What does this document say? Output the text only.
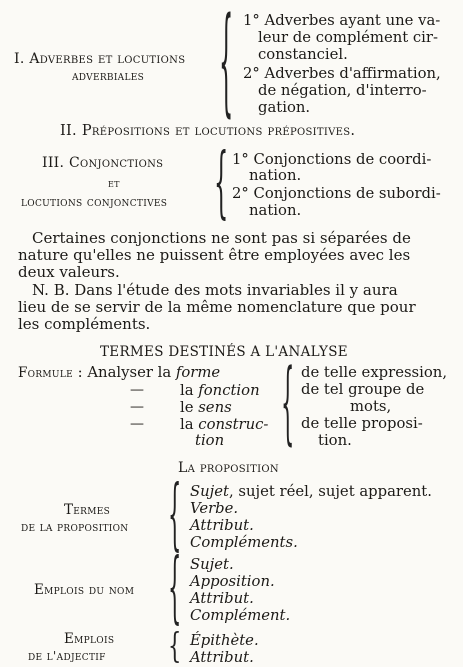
I. Adverbes et locutions
adverbiales { 1° Adverbes ayant une va-
leur de complément cir-
constanciel.
2° Adverbes d'affirmation,
de négation, d'interro-
gation.
II. Prépositions et locutions prépositives.
III. Conjonctions
et
locutions conjonctives { 1° Conjonctions de coordi-
nation.
2° Conjonctions de subordi-
nation.
Certaines conjonctions ne sont pas si séparées de
nature qu'elles ne puissent être employées avec les
deux valeurs.
N. B. Dans l'étude des mots invariables il y aura
lieu de se servir de la même nomenclature que pour
les compléments.
TERMES DESTINÉS A L'ANALYSE
Formule : Analyser la forme
— la fonction
— le sens
— la construc-
tion { de telle expression,
de tel groupe de
mots,
de telle proposi-
tion.
La proposition
Termes
de la proposition { Sujet, sujet réel, sujet apparent.
Verbe.
Attribut.
Compléments.
Emplois du nom { Sujet.
Apposition.
Attribut.
Complément.
Emplois
de l'adjectif { Épithète.
Attribut.
